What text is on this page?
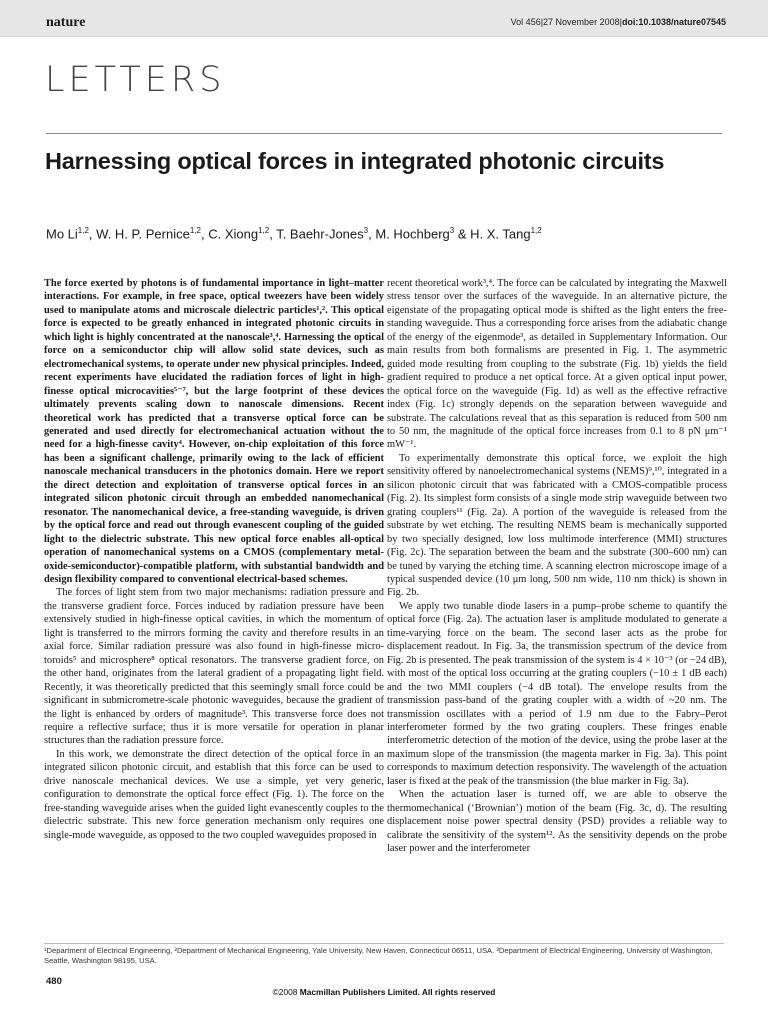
nature	Vol 456|27 November 2008|doi:10.1038/nature07545
LETTERS
Harnessing optical forces in integrated photonic circuits
Mo Li$^{1,2}$, W. H. P. Pernice$^{1,2}$, C. Xiong$^{1,2}$, T. Baehr-Jones$^3$, M. Hochberg$^3$ & H. X. Tang$^{1,2}$

The force exerted by photons is of fundamental importance in light–matter interactions. For example, in free space, optical tweezers have been widely used to manipulate atoms and microscale dielectric particles¹,². This optical force is expected to be greatly enhanced in integrated photonic circuits in which light is highly concentrated at the nanoscale³,⁴. Harnessing the optical force on a semiconductor chip will allow solid state devices, such as electromechanical systems, to operate under new physical principles. Indeed, recent experiments have elucidated the radiation forces of light in high-finesse optical microcavities⁵⁻⁷, but the large footprint of these devices ultimately prevents scaling down to nanoscale dimensions. Recent theoretical work has predicted that a transverse optical force can be generated and used directly for electromechanical actuation without the need for a high-finesse cavity⁴. However, on-chip exploitation of this force has been a significant challenge, primarily owing to the lack of efficient nanoscale mechanical transducers in the photonics domain. Here we report the direct detection and exploitation of transverse optical forces in an integrated silicon photonic circuit through an embedded nanomechanical resonator. The nanomechanical device, a free-standing waveguide, is driven by the optical force and read out through evanescent coupling of the guided light to the dielectric substrate. This new optical force enables all-optical operation of nanomechanical systems on a CMOS (complementary metal-oxide-semiconductor)-compatible platform, with substantial bandwidth and design flexibility compared to conventional electrical-based schemes.

The forces of light stem from two major mechanisms: radiation pressure and the transverse gradient force. Forces induced by radiation pressure have been extensively studied in high-finesse optical cavities, in which the momentum of light is transferred to the mirrors forming the cavity and therefore results in an axial force. Similar radiation pressure was also found in high-finesse micro-toroids⁵ and microsphere⁸ optical resonators. The transverse gradient force, on the other hand, originates from the lateral gradient of a propagating light field. Recently, it was theoretically predicted that this seemingly small force could be significant in submicrometre-scale photonic waveguides, because the gradient of the light is enhanced by orders of magnitude³. This transverse force does not require a reflective surface; thus it is more versatile for operation in planar structures than the radiation pressure force.

In this work, we demonstrate the direct detection of the optical force in an integrated silicon photonic circuit, and establish that this force can be used to drive nanoscale mechanical devices. We use a simple, yet very generic, configuration to demonstrate the optical force effect (Fig. 1). The force on the free-standing waveguide arises when the guided light evanescently couples to the dielectric substrate. This new force generation mechanism only requires one single-mode waveguide, as opposed to the two coupled waveguides proposed in

recent theoretical work³,⁴. The force can be calculated by integrating the Maxwell stress tensor over the surfaces of the waveguide. In an alternative picture, the eigenstate of the propagating optical mode is shifted as the light enters the free-standing waveguide. Thus a corresponding force arises from the adiabatic change of the energy of the eigenmode³, as detailed in Supplementary Information. Our main results from both formalisms are presented in Fig. 1. The asymmetric guided mode resulting from coupling to the substrate (Fig. 1b) yields the field gradient required to produce a net optical force. At a given optical input power, the optical force on the waveguide (Fig. 1d) as well as the effective refractive index (Fig. 1c) strongly depends on the separation between waveguide and substrate. The calculations reveal that as this separation is reduced from 500 nm to 50 nm, the magnitude of the optical force increases from 0.1 to 8 pN μm⁻¹ mW⁻¹.

To experimentally demonstrate this optical force, we exploit the high sensitivity offered by nanoelectromechanical systems (NEMS)⁹,¹⁰, integrated in a silicon photonic circuit that was fabricated with a CMOS-compatible process (Fig. 2). Its simplest form consists of a single mode strip waveguide between two grating couplers¹¹ (Fig. 2a). A portion of the waveguide is released from the substrate by wet etching. The resulting NEMS beam is mechanically supported by two specially designed, low loss multimode interference (MMI) structures (Fig. 2c). The separation between the beam and the substrate (300–600 nm) can be tuned by varying the etching time. A scanning electron microscope image of a typical suspended device (10 μm long, 500 nm wide, 110 nm thick) is shown in Fig. 2b.

We apply two tunable diode lasers in a pump–probe scheme to quantify the optical force (Fig. 2a). The actuation laser is amplitude modulated to generate a time-varying force on the beam. The second laser acts as the probe for displacement readout. In Fig. 3a, the transmission spectrum of the device from Fig. 2b is presented. The peak transmission of the system is 4 × 10⁻³ (or −24 dB), with most of the optical loss occurring at the grating couplers (−10 ± 1 dB each) and the two MMI couplers (−4 dB total). The envelope results from the transmission pass-band of the grating coupler with a width of ~20 nm. The transmission oscillates with a period of 1.9 nm due to the Fabry–Perot interferometer formed by the two grating couplers. These fringes enable interferometric detection of the motion of the device, using the probe laser at the maximum slope of the transmission (the magenta marker in Fig. 3a). This point corresponds to maximum detection responsivity. The wavelength of the actuation laser is fixed at the peak of the transmission (the blue marker in Fig. 3a).

When the actuation laser is turned off, we are able to observe the thermomechanical (‘Brownian’) motion of the beam (Fig. 3c, d). The resulting displacement noise power spectral density (PSD) provides a reliable way to calibrate the sensitivity of the system¹². As the sensitivity depends on the probe laser power and the interferometer

¹Department of Electrical Engineering, ²Department of Mechanical Engineering, Yale University, New Haven, Connecticut 06511, USA. ³Department of Electrical Engineering, University of Washington, Seattle, Washington 98195, USA.
480
©2008 Macmillan Publishers Limited. All rights reserved
